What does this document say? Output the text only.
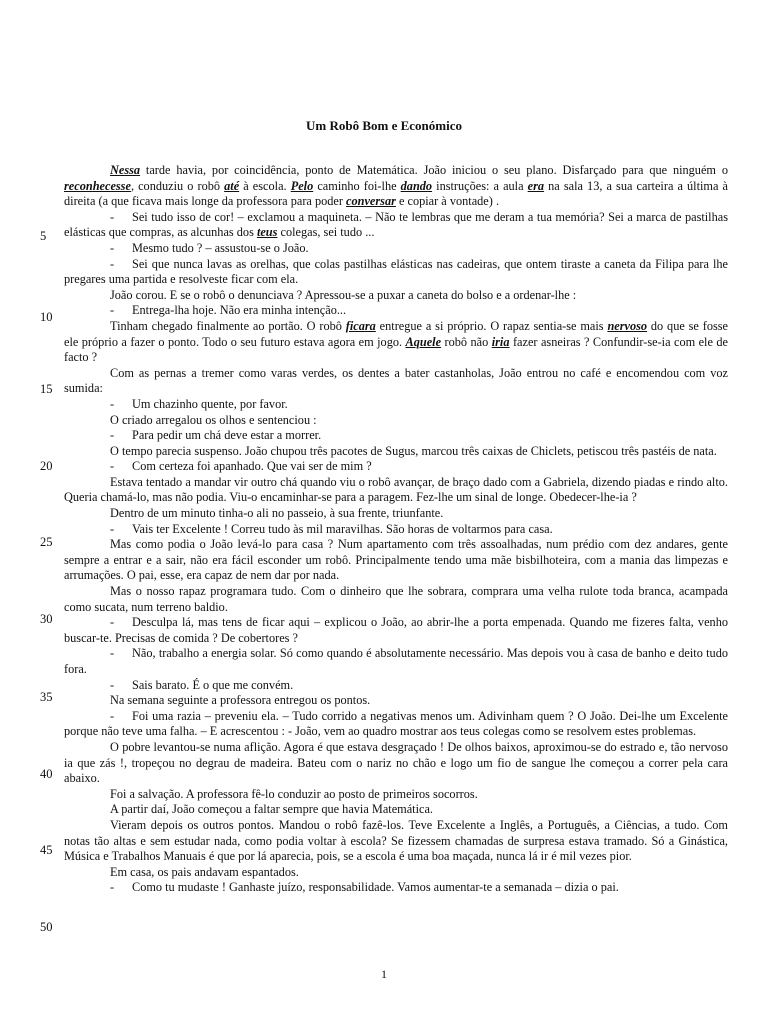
Um Robô Bom e Económico
5
10
15
20
25
30
35
40
45
50

Nessa tarde havia, por coincidência, ponto de Matemática. João iniciou o seu plano. Disfarçado para que ninguém o reconhecesse, conduziu o robô até à escola. Pelo caminho foi-lhe dando instruções: a aula era na sala 13, a sua carteira a última à direita (a que ficava mais longe da professora para poder conversar e copiar à vontade) .

- Sei tudo isso de cor! – exclamou a maquineta. – Não te lembras que me deram a tua memória? Sei a marca de pastilhas elásticas que compras, as alcunhas dos teus colegas, sei tudo ...

- Mesmo tudo ? – assustou-se o João.

- Sei que nunca lavas as orelhas, que colas pastilhas elásticas nas cadeiras, que ontem tiraste a caneta da Filipa para lhe pregares uma partida e resolveste ficar com ela.

João corou. E se o robô o denunciava ? Apressou-se a puxar a caneta do bolso e a ordenar-lhe :

- Entrega-lha hoje. Não era minha intenção...

Tinham chegado finalmente ao portão. O robô ficara entregue a si próprio. O rapaz sentia-se mais nervoso do que se fosse ele próprio a fazer o ponto. Todo o seu futuro estava agora em jogo. Aquele robô não iria fazer asneiras ? Confundir-se-ia com ele de facto ?

Com as pernas a tremer como varas verdes, os dentes a bater castanholas, João entrou no café e encomendou com voz sumida:

- Um chazinho quente, por favor.

O criado arregalou os olhos e sentenciou :

- Para pedir um chá deve estar a morrer.

O tempo parecia suspenso. João chupou três pacotes de Sugus, marcou três caixas de Chiclets, petiscou três pastéis de nata.

- Com certeza foi apanhado. Que vai ser de mim ?

Estava tentado a mandar vir outro chá quando viu o robô avançar, de braço dado com a Gabriela, dizendo piadas e rindo alto. Queria chamá-lo, mas não podia. Viu-o encaminhar-se para a paragem. Fez-lhe um sinal de longe. Obedecer-lhe-ia ?

Dentro de um minuto tinha-o ali no passeio, à sua frente, triunfante.

- Vais ter Excelente ! Correu tudo às mil maravilhas. São horas de voltarmos para casa.

Mas como podia o João levá-lo para casa ? Num apartamento com três assoalhadas, num prédio com dez andares, gente sempre a entrar e a sair, não era fácil esconder um robô. Principalmente tendo uma mãe bisbilhoteira, com a mania das limpezas e arrumações. O pai, esse, era capaz de nem dar por nada.

Mas o nosso rapaz programara tudo. Com o dinheiro que lhe sobrara, comprara uma velha rulote toda branca, acampada como sucata, num terreno baldio.

- Desculpa lá, mas tens de ficar aqui – explicou o João, ao abrir-lhe a porta empenada. Quando me fizeres falta, venho buscar-te. Precisas de comida ? De cobertores ?

- Não, trabalho a energia solar. Só como quando é absolutamente necessário. Mas depois vou à casa de banho e deito tudo fora.

- Sais barato. É o que me convém.

Na semana seguinte a professora entregou os pontos.

- Foi uma razia – preveniu ela. – Tudo corrido a negativas menos um. Adivinham quem ? O João. Dei-lhe um Excelente porque não teve uma falha. – E acrescentou : - João, vem ao quadro mostrar aos teus colegas como se resolvem estes problemas.

O pobre levantou-se numa aflição. Agora é que estava desgraçado ! De olhos baixos, aproximou-se do estrado e, tão nervoso ia que zás !, tropeçou no degrau de madeira. Bateu com o nariz no chão e logo um fio de sangue lhe começou a correr pela cara abaixo.

Foi a salvação. A professora fê-lo conduzir ao posto de primeiros socorros.

A partir daí, João começou a faltar sempre que havia Matemática.

Vieram depois os outros pontos. Mandou o robô fazê-los. Teve Excelente a Inglês, a Português, a Ciências, a tudo. Com notas tão altas e sem estudar nada, como podia voltar à escola? Se fizessem chamadas de surpresa estava tramado. Só a Ginástica, Música e Trabalhos Manuais é que por lá aparecia, pois, se a escola é uma boa maçada, nunca lá ir é mil vezes pior.

Em casa, os pais andavam espantados.

- Como tu mudaste ! Ganhaste juízo, responsabilidade. Vamos aumentar-te a semanada – dizia o pai.

1
